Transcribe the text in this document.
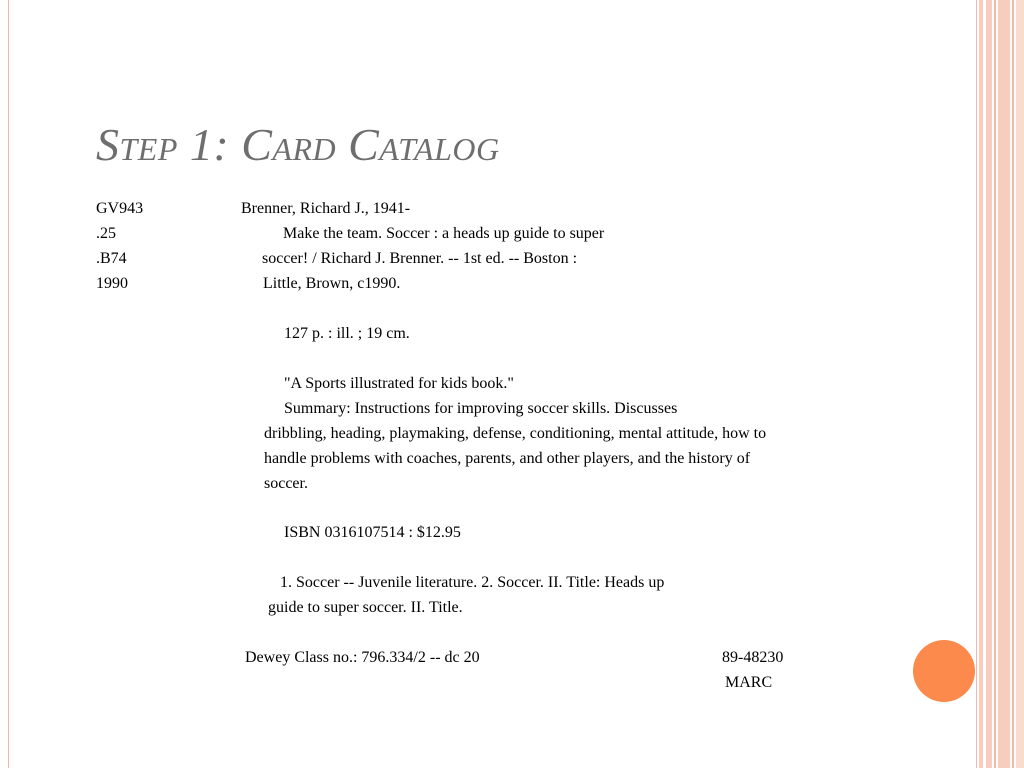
Step 1: Card Catalog
GV943
.25
.B74
1990
Brenner, Richard J., 1941-
Make the team. Soccer : a heads up guide to super
soccer! / Richard J. Brenner. -- 1st ed. -- Boston :
Little, Brown, c1990.
127 p. : ill. ; 19 cm.
"A Sports illustrated for kids book."
Summary: Instructions for improving soccer skills. Discusses
dribbling, heading, playmaking, defense, conditioning, mental attitude, how to
handle problems with coaches, parents, and other players, and the history of
soccer.
ISBN 0316107514 : $12.95
1. Soccer -- Juvenile literature. 2. Soccer. II. Title: Heads up
guide to super soccer. II. Title.
Dewey Class no.: 796.334/2 -- dc 20	89-48230
MARC
